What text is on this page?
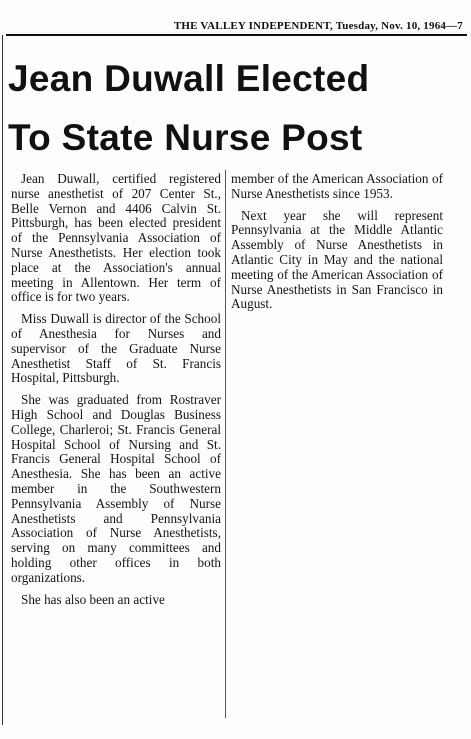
THE VALLEY INDEPENDENT, Tuesday, Nov. 10, 1964—7
Jean Duwall Elected
To State Nurse Post

Jean Duwall, certified registered nurse anesthetist of 207 Center St., Belle Vernon and 4406 Calvin St. Pittsburgh, has been elected president of the Pennsylvania Association of Nurse Anesthetists. Her election took place at the Association's annual meeting in Allentown. Her term of office is for two years.

Miss Duwall is director of the School of Anesthesia for Nurses and supervisor of the Graduate Nurse Anesthetist Staff of St. Francis Hospital, Pittsburgh.

She was graduated from Rostraver High School and Douglas Business College, Charleroi; St. Francis General Hospital School of Nursing and St. Francis General Hospital School of Anesthesia. She has been an active member in the Southwestern Pennsylvania Assembly of Nurse Anesthetists and Pennsylvania Association of Nurse Anesthetists, serving on many committees and holding other offices in both organizations.

She has also been an active

member of the American Association of Nurse Anesthetists since 1953.

Next year she will represent Pennsylvania at the Middle Atlantic Assembly of Nurse Anesthetists in Atlantic City in May and the national meeting of the American Association of Nurse Anesthetists in San Francisco in August.
